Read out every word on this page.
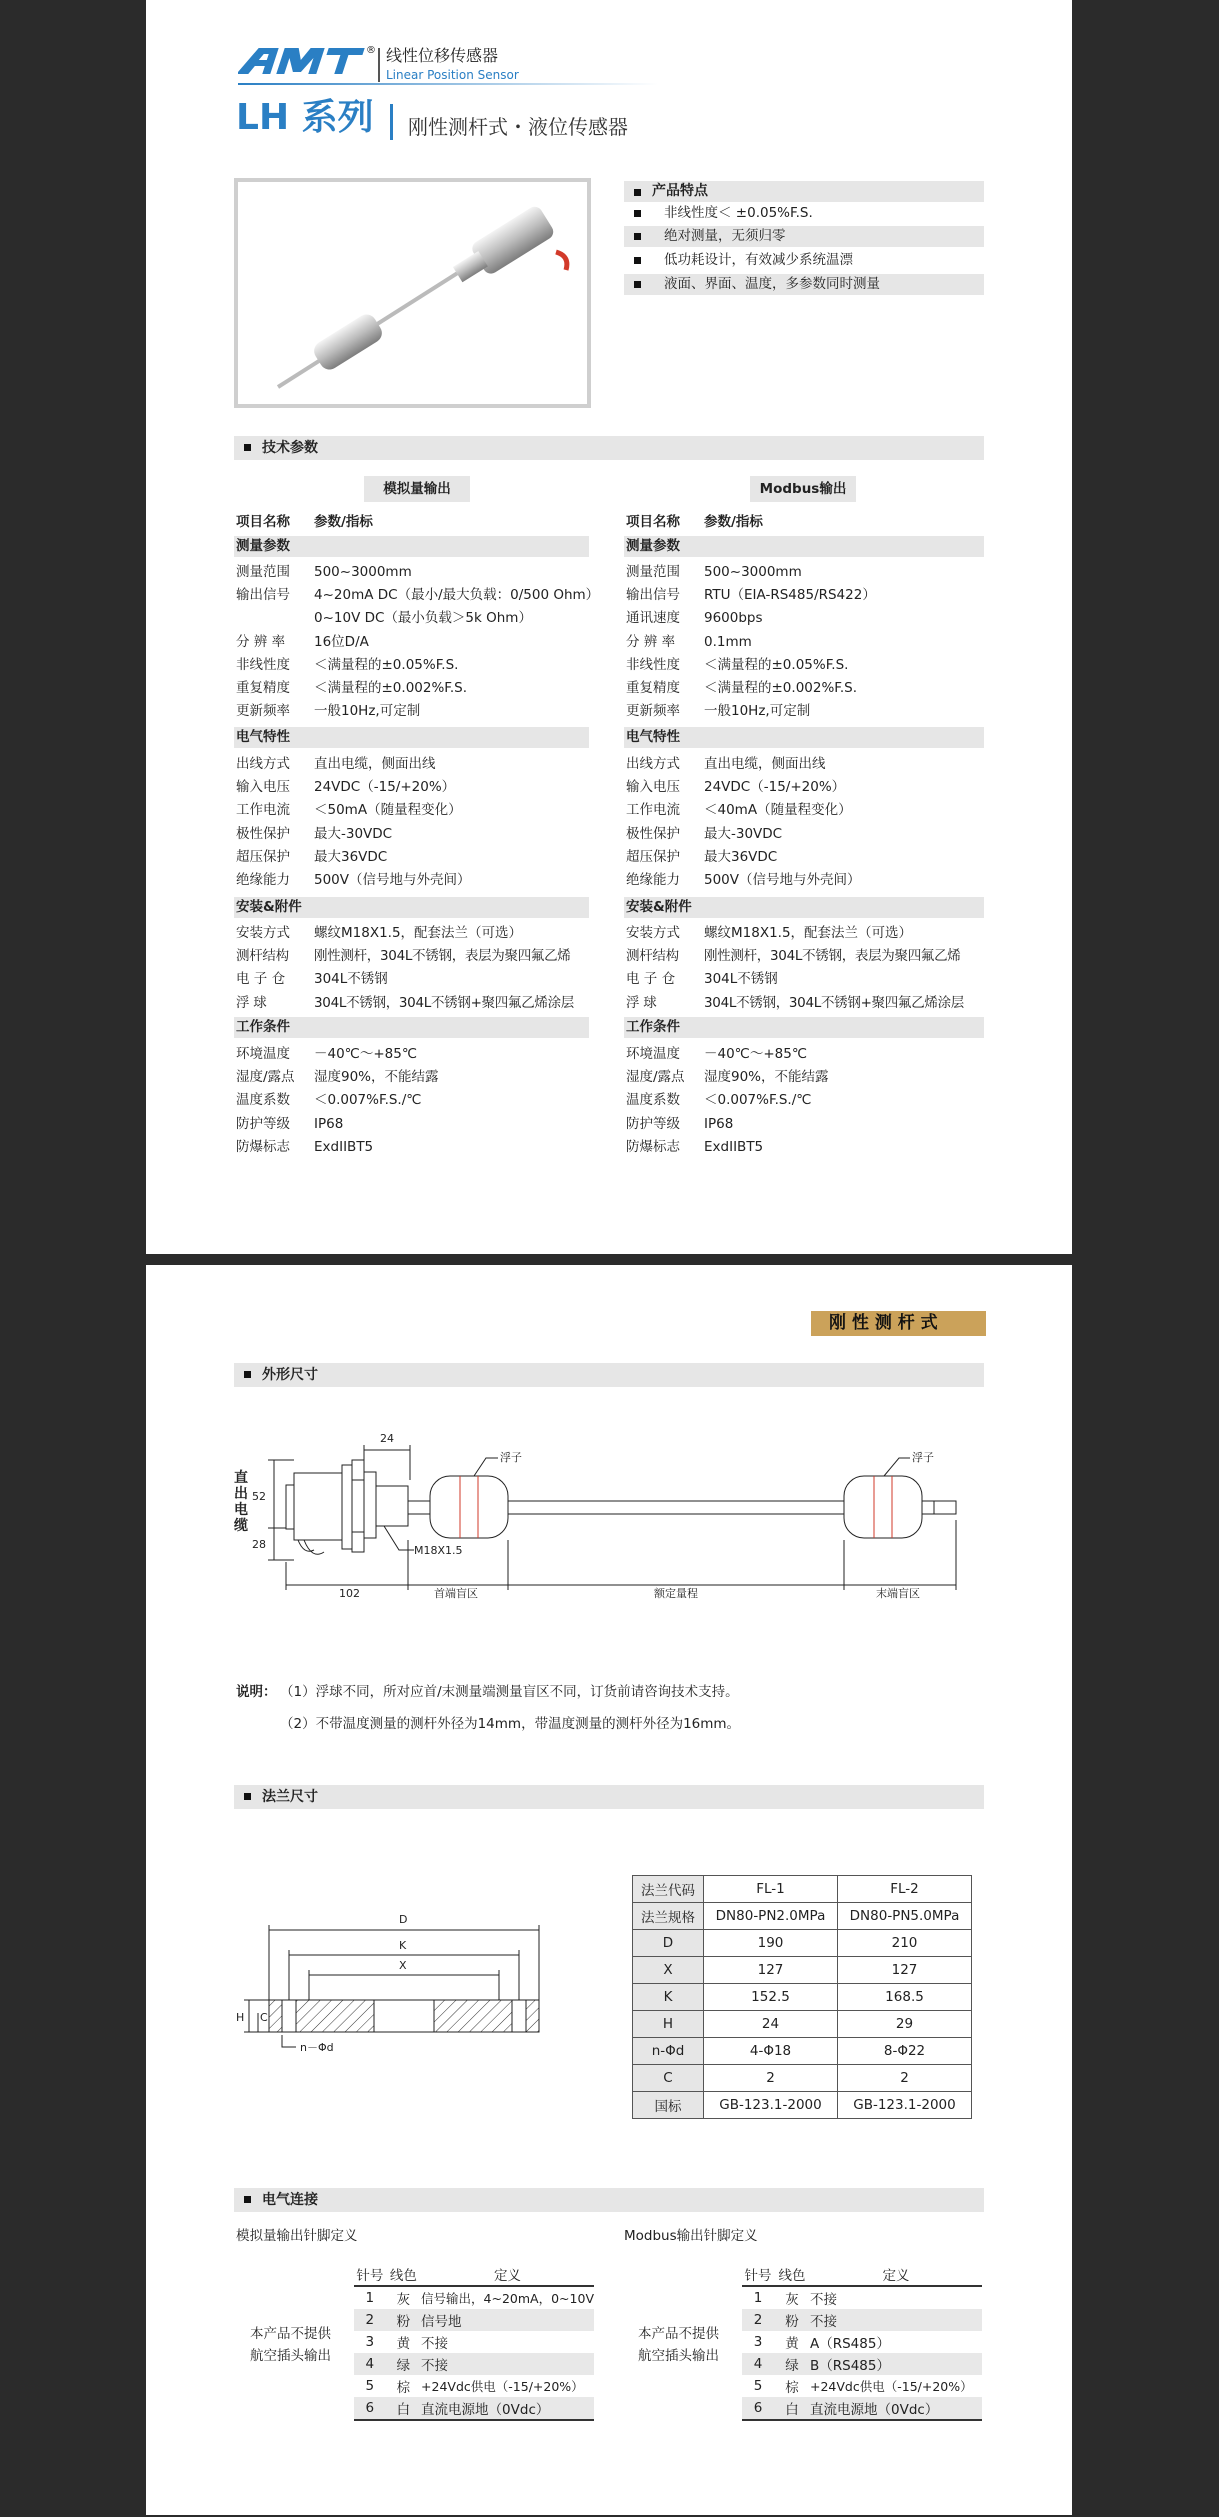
® 线性位移传感器
Linear Position Sensor
LH 系列 刚性测杆式・液位传感器
产品特点
非线性度＜ ±0.05%F.S.
绝对测量，无须归零
低功耗设计，有效减少系统温漂
液面、界面、温度，多参数同时测量
技术参数
模拟量输出	Modbus输出
项目名称 参数/指标
测量参数
测量范围 500~3000mm
输出信号 4~20mA DC（最小/最大负载：0/500 Ohm）
0~10V DC（最小负载＞5k Ohm）
分 辨 率 16位D/A
非线性度 ＜满量程的±0.05%F.S.
重复精度 ＜满量程的±0.002%F.S.
更新频率 一般10Hz,可定制
电气特性
出线方式 直出电缆，侧面出线
输入电压 24VDC（-15/+20%）
工作电流 ＜50mA（随量程变化）
极性保护 最大-30VDC
超压保护 最大36VDC
绝缘能力 500V（信号地与外壳间）
安装&附件
安装方式 螺纹M18X1.5，配套法兰（可选）
测杆结构 刚性测杆，304L不锈钢，表层为聚四氟乙烯
电 子 仓 304L不锈钢
浮 球	304L不锈钢，304L不锈钢+聚四氟乙烯涂层
工作条件
环境温度 －40℃～+85℃
湿度/露点 湿度90%，不能结露
温度系数 ＜0.007%F.S./℃
防护等级 IP68
防爆标志 ExdIIBT5
项目名称 参数/指标
测量参数
测量范围 500~3000mm
输出信号 RTU（EIA-RS485/RS422）
通讯速度 9600bps
分 辨 率 0.1mm
非线性度 ＜满量程的±0.05%F.S.
重复精度 ＜满量程的±0.002%F.S.
更新频率 一般10Hz,可定制
电气特性
出线方式 直出电缆，侧面出线
输入电压 24VDC（-15/+20%）
工作电流 ＜40mA（随量程变化）
极性保护 最大-30VDC
超压保护 最大36VDC
绝缘能力 500V（信号地与外壳间）
安装&附件
安装方式 螺纹M18X1.5，配套法兰（可选）
测杆结构 刚性测杆，304L不锈钢，表层为聚四氟乙烯
电 子 仓 304L不锈钢
浮 球	304L不锈钢，304L不锈钢+聚四氟乙烯涂层
工作条件
环境温度 －40℃～+85℃
湿度/露点 湿度90%，不能结露
温度系数 ＜0.007%F.S./℃
防护等级 IP68
防爆标志 ExdIIBT5
刚 性 测 杆 式
外形尺寸
直出电缆
24
52
28	M18X1.5
浮子	浮子
102	首端盲区	额定量程	末端盲区
说明： （1）浮球不同，所对应首/末测量端测量盲区不同，订货前请咨询技术支持。
（2）不带温度测量的测杆外径为14mm，带温度测量的测杆外径为16mm。
法兰尺寸
D
K
X
H C
n－Φd
法兰代码	FL-1	FL-2
法兰规格	DN80-PN2.0MPa	DN80-PN5.0MPa
D	190	210
X	127	127
K	152.5	168.5
H	24	29
n-Φd	4-Φ18	8-Φ22
C	2	2
国标	GB-123.1-2000	GB-123.1-2000
电气连接
模拟量输出针脚定义
本产品不提供
航空插头输出
针号	线色	定义
1	灰	信号输出，4~20mA，0~10V
2	粉	信号地
3	黄	不接
4	绿	不接
5	棕	+24Vdc供电（-15/+20%）
6	白	直流电源地（0Vdc）
Modbus输出针脚定义
本产品不提供
航空插头输出
针号	线色	定义
1	灰	不接
2	粉	不接
3	黄	A（RS485）
4	绿	B（RS485）
5	棕	+24Vdc供电（-15/+20%）
6	白	直流电源地（0Vdc）
